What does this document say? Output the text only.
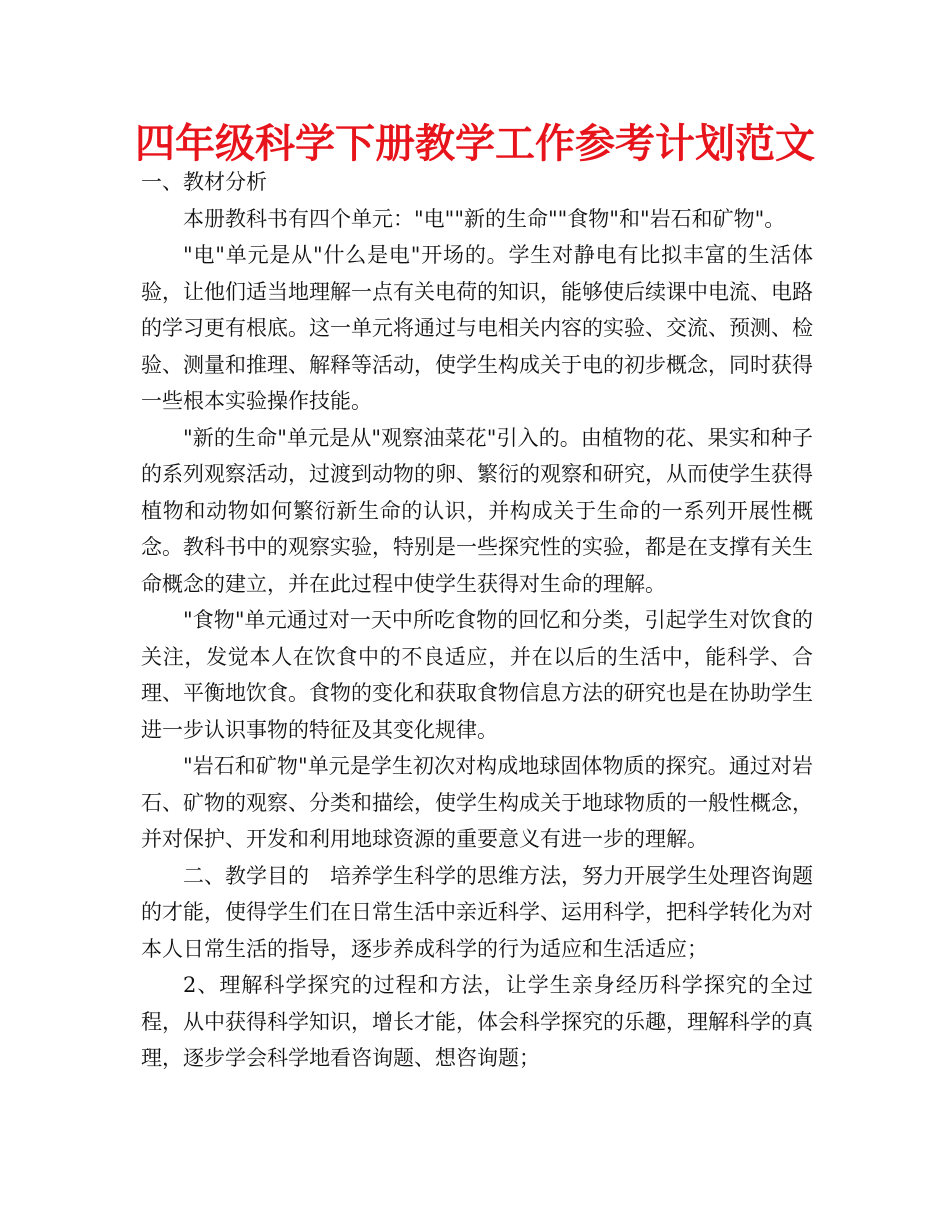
四年级科学下册教学工作参考计划范文

一、教材分析

本册教科书有四个单元："电""新的生命""食物"和"岩石和矿物"。

"电"单元是从"什么是电"开场的。学生对静电有比拟丰富的生活体验，让他们适当地理解一点有关电荷的知识，能够使后续课中电流、电路的学习更有根底。这一单元将通过与电相关内容的实验、交流、预测、检验、测量和推理、解释等活动，使学生构成关于电的初步概念，同时获得一些根本实验操作技能。

"新的生命"单元是从"观察油菜花"引入的。由植物的花、果实和种子的系列观察活动，过渡到动物的卵、繁衍的观察和研究，从而使学生获得植物和动物如何繁衍新生命的认识，并构成关于生命的一系列开展性概念。教科书中的观察实验，特别是一些探究性的实验，都是在支撑有关生命概念的建立，并在此过程中使学生获得对生命的理解。

"食物"单元通过对一天中所吃食物的回忆和分类，引起学生对饮食的关注，发觉本人在饮食中的不良适应，并在以后的生活中，能科学、合理、平衡地饮食。食物的变化和获取食物信息方法的研究也是在协助学生进一步认识事物的特征及其变化规律。

"岩石和矿物"单元是学生初次对构成地球固体物质的探究。通过对岩石、矿物的观察、分类和描绘，使学生构成关于地球物质的一般性概念，并对保护、开发和利用地球资源的重要意义有进一步的理解。

二、教学目的　培养学生科学的思维方法，努力开展学生处理咨询题的才能，使得学生们在日常生活中亲近科学、运用科学，把科学转化为对本人日常生活的指导，逐步养成科学的行为适应和生活适应；

2、理解科学探究的过程和方法，让学生亲身经历科学探究的全过程，从中获得科学知识，增长才能，体会科学探究的乐趣，理解科学的真理，逐步学会科学地看咨询题、想咨询题；
